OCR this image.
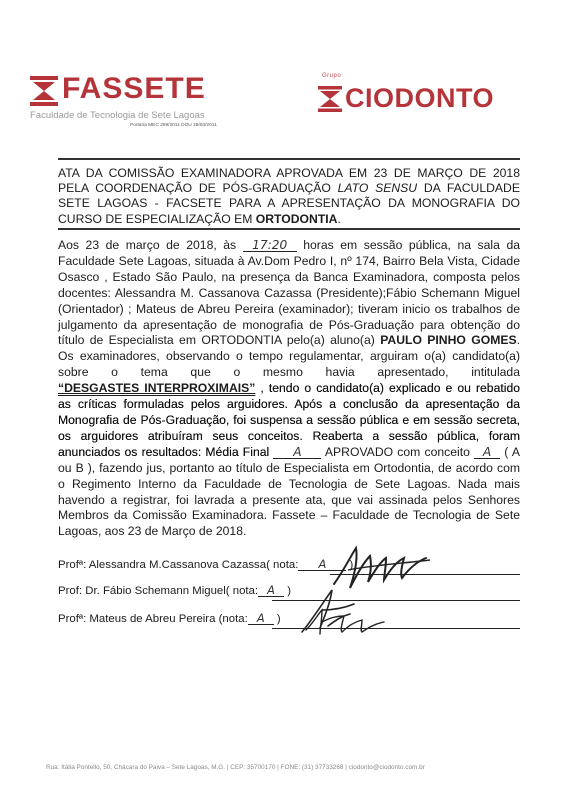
FASSETE
Faculdade de Tecnologia de Sete Lagoas
Portaria MEC 299/2011 DOU 29/03/2011
Grupo
CIODONTO
ATA DA COMISSÃO EXAMINADORA APROVADA EM 23 DE MARÇO DE 2018 PELA COORDENAÇÃO DE PÓS-GRADUAÇÃO LATO SENSU DA FACULDADE SETE LAGOAS - FACSETE PARA A APRESENTAÇÃO DA MONOGRAFIA DO CURSO DE ESPECIALIZAÇÃO EM ORTODONTIA.
Aos 23 de março de 2018, às 17:20 horas em sessão pública, na sala da Faculdade Sete Lagoas, situada à Av.Dom Pedro I, nº 174, Bairro Bela Vista, Cidade Osasco , Estado São Paulo, na presença da Banca Examinadora, composta pelos docentes: Alessandra M. Cassanova Cazassa (Presidente);Fábio Schemann Miguel (Orientador) ; Mateus de Abreu Pereira (examinador); tiveram inicio os trabalhos de julgamento da apresentação de monografia de Pós-Graduação para obtenção do título de Especialista em ORTODONTIA pelo(a) aluno(a) PAULO PINHO GOMES. Os examinadores, observando o tempo regulamentar, arguiram o(a) candidato(a) sobre o tema que o mesmo havia apresentado, intitulada “DESGASTES INTERPROXIMAIS” , tendo o candidato(a) explicado e ou rebatido as críticas formuladas pelos arguidores. Após a conclusão da apresentação da Monografia de Pós-Graduação, foi suspensa a sessão pública e em sessão secreta, os arguidores atribuíram seus conceitos. Reaberta a sessão pública, foram anunciados os resultados: Média Final A APROVADO com conceito A ( A ou B ), fazendo jus, portanto ao título de Especialista em Ortodontia, de acordo com o Regimento Interno da Faculdade de Tecnologia de Sete Lagoas. Nada mais havendo a registrar, foi lavrada a presente ata, que vai assinada pelos Senhores Membros da Comissão Examinadora. Fassete – Faculdade de Tecnologia de Sete Lagoas, aos 23 de Março de 2018.
Profª: Alessandra M.Cassanova Cazassa( nota: A )
Prof: Dr. Fábio Schemann Miguel( nota: A )
Profª: Mateus de Abreu Pereira (nota: A )
Rua: Itália Pontello, 50, Chácara do Paiva – Sete Lagoas, M.G. | CEP: 35700170 | FONE: (31) 37733268 | ciodonto@ciodonto.com.br
